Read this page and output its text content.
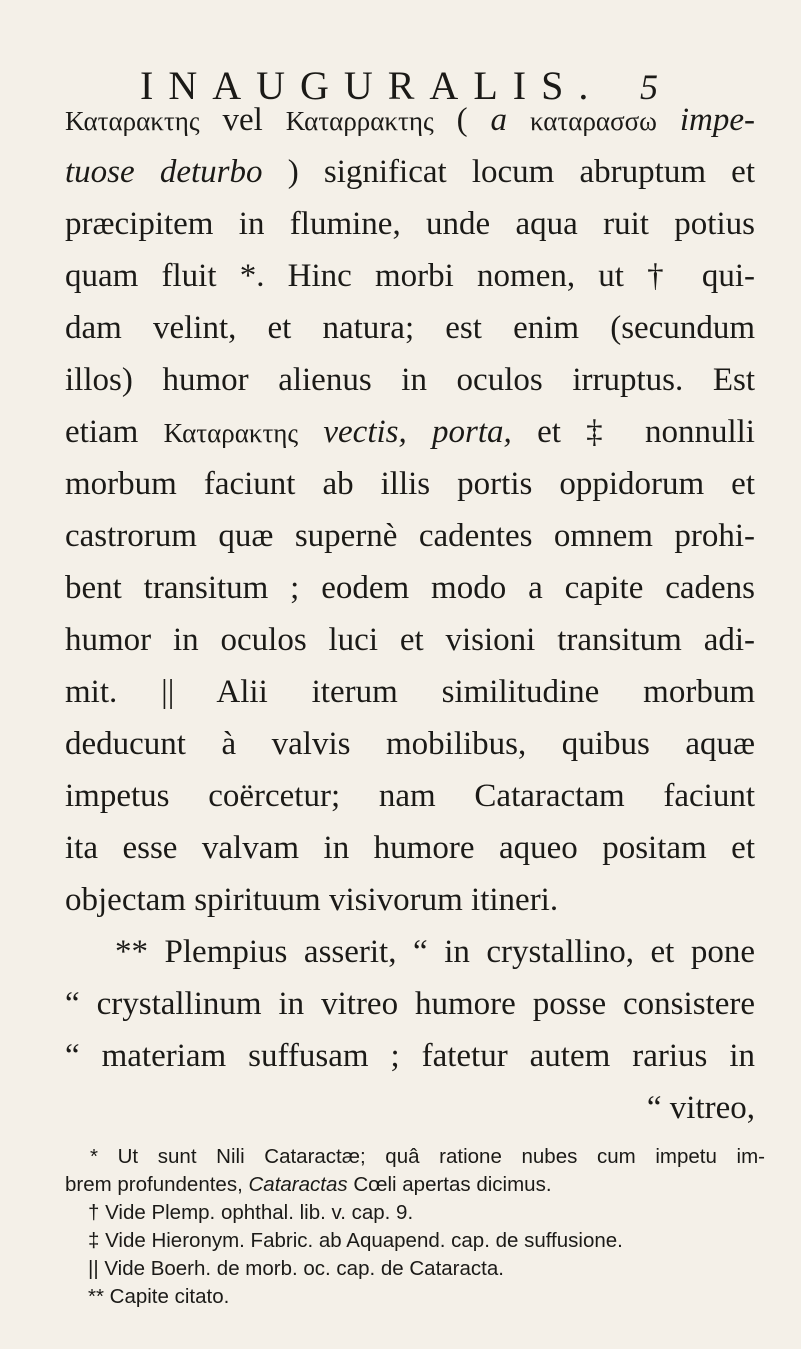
INAUGURALIS.	5
Καταρακτης vel Καταρρακτης ( a καταρασσω impe-
tuose deturbo ) significat locum abruptum et
præcipitem in flumine, unde aqua ruit potius
quam fluit *. Hinc morbi nomen, ut † qui-
dam velint, et natura; est enim (secundum
illos) humor alienus in oculos irruptus. Est
etiam Καταρακτης vectis, porta, et ‡ nonnulli
morbum faciunt ab illis portis oppidorum et
castrorum quæ supernè cadentes omnem prohi-
bent transitum ; eodem modo a capite cadens
humor in oculos luci et visioni transitum adi-
mit. || Alii iterum similitudine morbum
deducunt à valvis mobilibus, quibus aquæ
impetus coërcetur; nam Cataractam faciunt
ita esse valvam in humore aqueo positam et
objectam spirituum visivorum itineri.
** Plempius asserit, “ in crystallino, et pone
“ crystallinum in vitreo humore posse consistere
“ materiam suffusam ; fatetur autem rarius in
“ vitreo,
* Ut sunt Nili Cataractæ; quâ ratione nubes cum impetu im-
brem profundentes, Cataractas Cœli apertas dicimus.
† Vide Plemp. ophthal. lib. v. cap. 9.
‡ Vide Hieronym. Fabric. ab Aquapend. cap. de suffusione.
|| Vide Boerh. de morb. oc. cap. de Cataracta.
** Capite citato.
